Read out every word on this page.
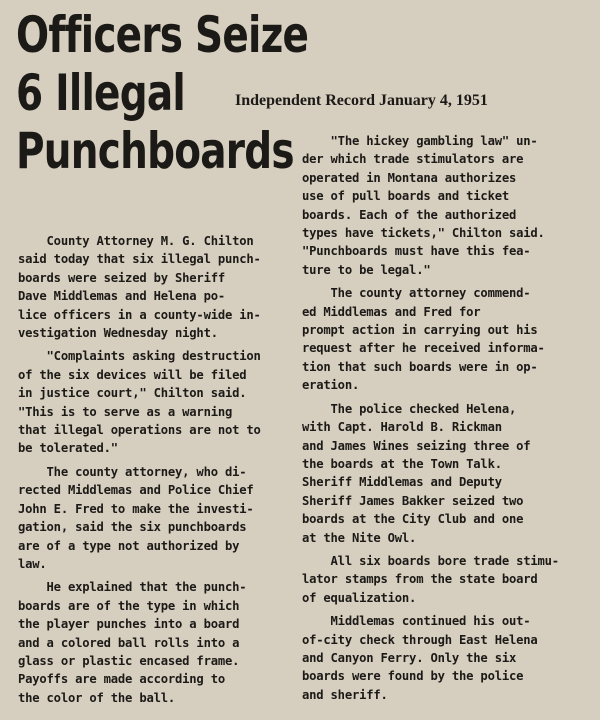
Officers Seize
6 Illegal
Punchboards
Independent Record January 4, 1951

County Attorney M. G. Chilton
said today that six illegal punch-
boards were seized by Sheriff
Dave Middlemas and Helena po-
lice officers in a county-wide in-
vestigation Wednesday night.

"Complaints asking destruction
of the six devices will be filed
in justice court," Chilton said.
"This is to serve as a warning
that illegal operations are not to
be tolerated."

The county attorney, who di-
rected Middlemas and Police Chief
John E. Fred to make the investi-
gation, said the six punchboards
are of a type not authorized by
law.

He explained that the punch-
boards are of the type in which
the player punches into a board
and a colored ball rolls into a
glass or plastic encased frame.
Payoffs are made according to
the color of the ball.

"The hickey gambling law" un-
der which trade stimulators are
operated in Montana authorizes
use of pull boards and ticket
boards. Each of the authorized
types have tickets," Chilton said.
"Punchboards must have this fea-
ture to be legal."

The county attorney commend-
ed Middlemas and Fred for
prompt action in carrying out his
request after he received informa-
tion that such boards were in op-
eration.

The police checked Helena,
with Capt. Harold B. Rickman
and James Wines seizing three of
the boards at the Town Talk.
Sheriff Middlemas and Deputy
Sheriff James Bakker seized two
boards at the City Club and one
at the Nite Owl.

All six boards bore trade stimu-
lator stamps from the state board
of equalization.

Middlemas continued his out-
of-city check through East Helena
and Canyon Ferry. Only the six
boards were found by the police
and sheriff.
